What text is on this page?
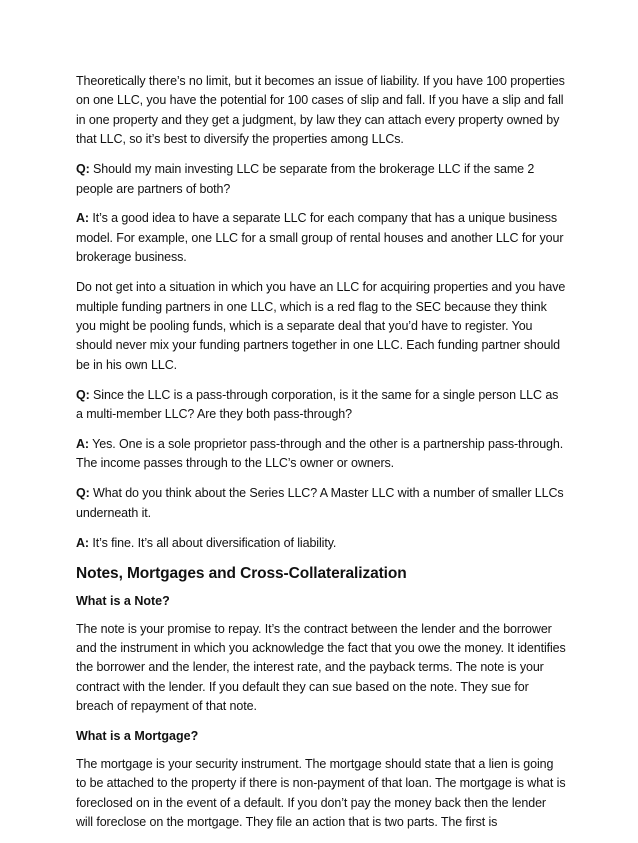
Theoretically there’s no limit, but it becomes an issue of liability. If you have 100 properties on one LLC, you have the potential for 100 cases of slip and fall. If you have a slip and fall in one property and they get a judgment, by law they can attach every property owned by that LLC, so it’s best to diversify the properties among LLCs.

Q: Should my main investing LLC be separate from the brokerage LLC if the same 2 people are partners of both?

A: It’s a good idea to have a separate LLC for each company that has a unique business model. For example, one LLC for a small group of rental houses and another LLC for your brokerage business.

Do not get into a situation in which you have an LLC for acquiring properties and you have multiple funding partners in one LLC, which is a red flag to the SEC because they think you might be pooling funds, which is a separate deal that you’d have to register. You should never mix your funding partners together in one LLC. Each funding partner should be in his own LLC.

Q: Since the LLC is a pass-through corporation, is it the same for a single person LLC as a multi-member LLC? Are they both pass-through?

A: Yes. One is a sole proprietor pass-through and the other is a partnership pass-through. The income passes through to the LLC’s owner or owners.

Q: What do you think about the Series LLC? A Master LLC with a number of smaller LLCs underneath it.

A: It’s fine. It’s all about diversification of liability.

Notes, Mortgages and Cross-Collateralization
What is a Note?

The note is your promise to repay. It’s the contract between the lender and the borrower and the instrument in which you acknowledge the fact that you owe the money. It identifies the borrower and the lender, the interest rate, and the payback terms. The note is your contract with the lender. If you default they can sue based on the note. They sue for breach of repayment of that note.

What is a Mortgage?

The mortgage is your security instrument. The mortgage should state that a lien is going to be attached to the property if there is non-payment of that loan. The mortgage is what is foreclosed on in the event of a default. If you don’t pay the money back then the lender will foreclose on the mortgage. They file an action that is two parts. The first is
